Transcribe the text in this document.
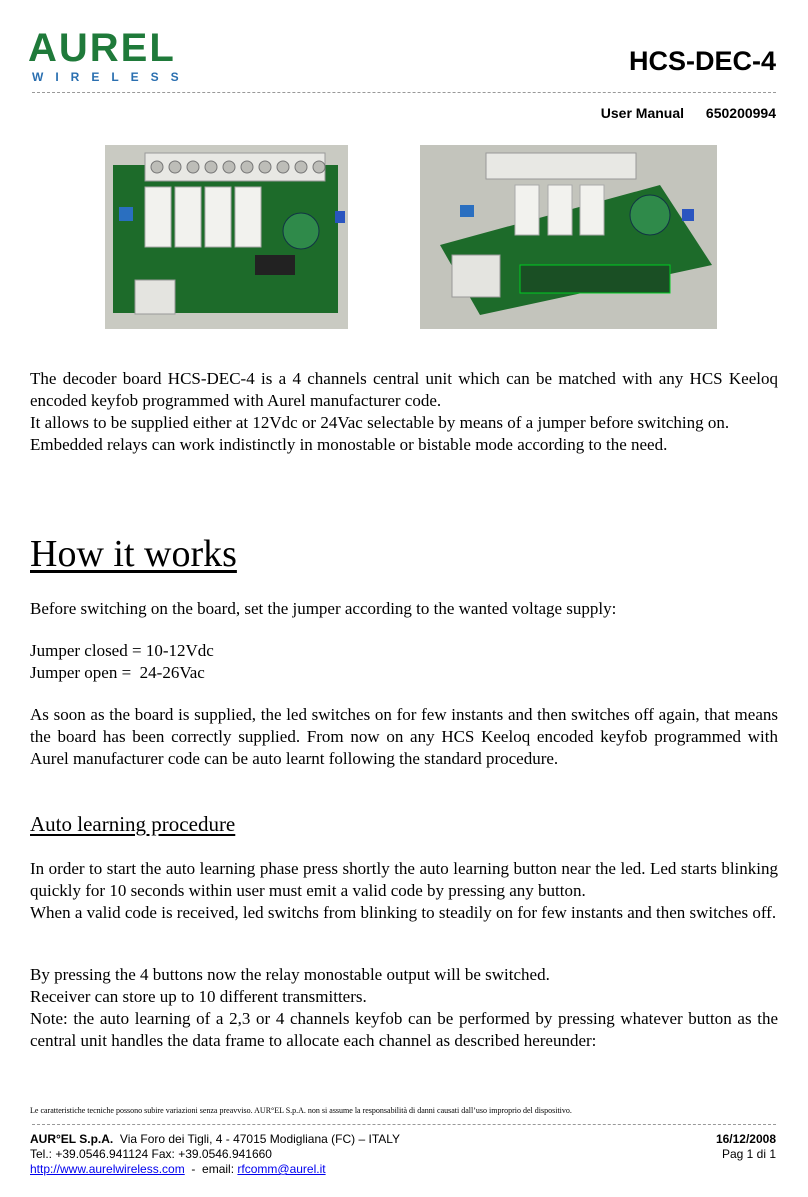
AUREL
WIRELESS
HCS-DEC-4
User Manual 650200994

The decoder board HCS-DEC-4 is a 4 channels central unit which can be matched with any HCS Keeloq encoded keyfob programmed with Aurel manufacturer code.

It allows to be supplied either at 12Vdc or 24Vac selectable by means of a jumper before switching on.

Embedded relays can work indistinctly in monostable or bistable mode according to the need.

How it works
Before switching on the board, set the jumper according to the wanted voltage supply:

Jumper closed = 10-12Vdc

Jumper open =  24-26Vac

As soon as the board is supplied, the led switches on for few instants and then switches off again, that means the board has been correctly supplied. From now on any HCS Keeloq encoded keyfob programmed with Aurel manufacturer code can be auto learnt following the standard procedure.
Auto learning procedure

In order to start the auto learning phase press shortly the auto learning button near the led. Led starts blinking quickly for 10 seconds within user must emit a valid code by pressing any button.

When a valid code is received, led switchs from blinking to steadily on for few instants and then switches off.

By pressing the 4 buttons now the relay monostable output will be switched.

Receiver can store up to 10 different transmitters.

Note: the auto learning of a 2,3 or 4 channels keyfob can be performed by pressing whatever button as the central unit handles the data frame to allocate each channel as described hereunder:

Le caratteristiche tecniche possono subire variazioni senza preavviso. AUR°EL S.p.A. non si assume la responsabilità di danni causati dall’uso improprio del dispositivo.
AUR°EL S.p.A.  Via Foro dei Tigli, 4 - 47015 Modigliana (FC) – ITALY
Tel.: +39.0546.941124 Fax: +39.0546.941660
http://www.aurelwireless.com  -  email: rfcomm@aurel.it
16/12/2008
Pag 1 di 1
